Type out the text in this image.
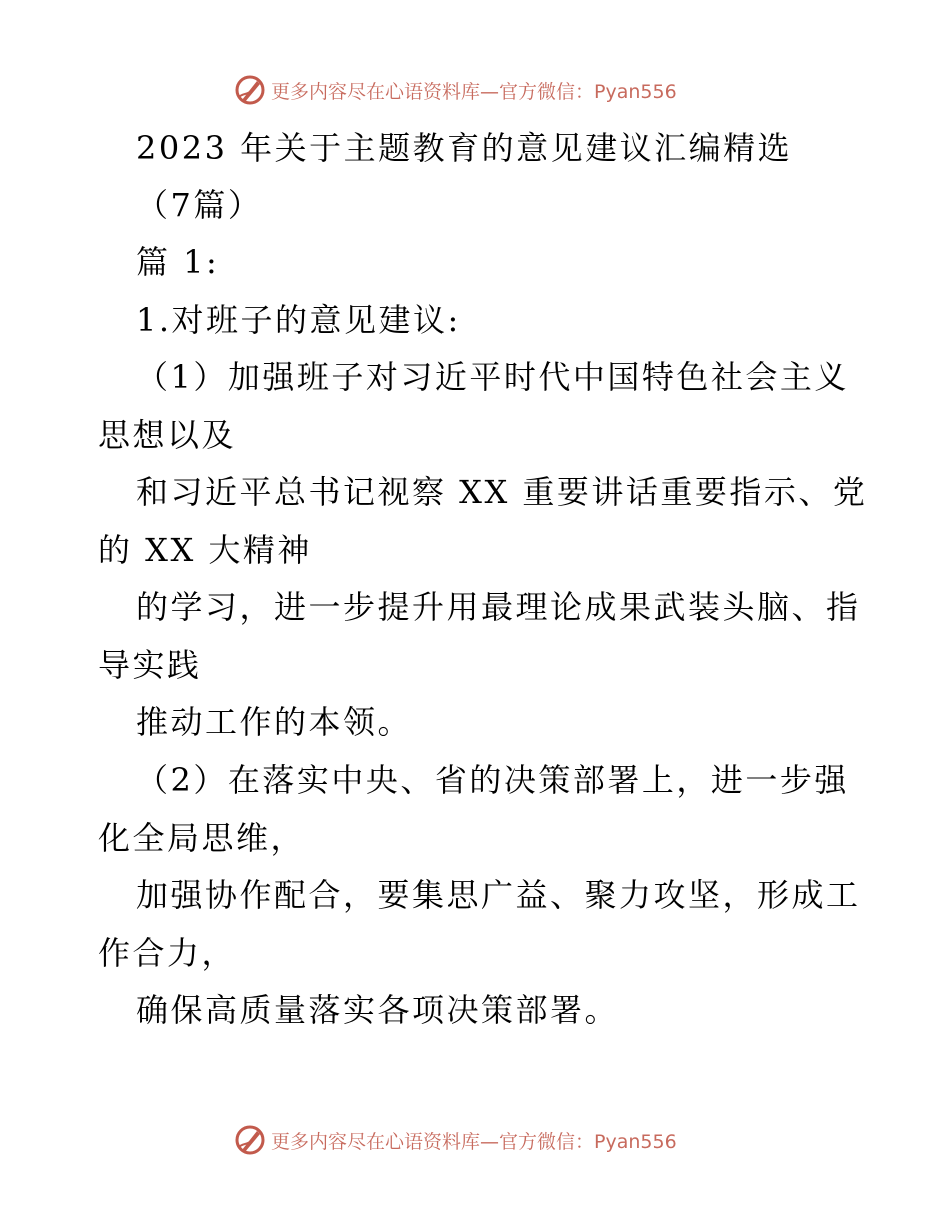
更多内容尽在心语资料库—官方微信：Pyan556
2023 年关于主题教育的意见建议汇编精选
（7篇）
篇 1:
1.对班子的意见建议:
（1）加强班子对习近平时代中国特色社会主义
思想以及
和习近平总书记视察 XX 重要讲话重要指示、党
的 XX 大精神
的学习，进一步提升用最理论成果武装头脑、指
导实践
推动工作的本领。
（2）在落实中央、省的决策部署上，进一步强
化全局思维，
加强协作配合，要集思广益、聚力攻坚，形成工
作合力，
确保高质量落实各项决策部署。
更多内容尽在心语资料库—官方微信：Pyan556
